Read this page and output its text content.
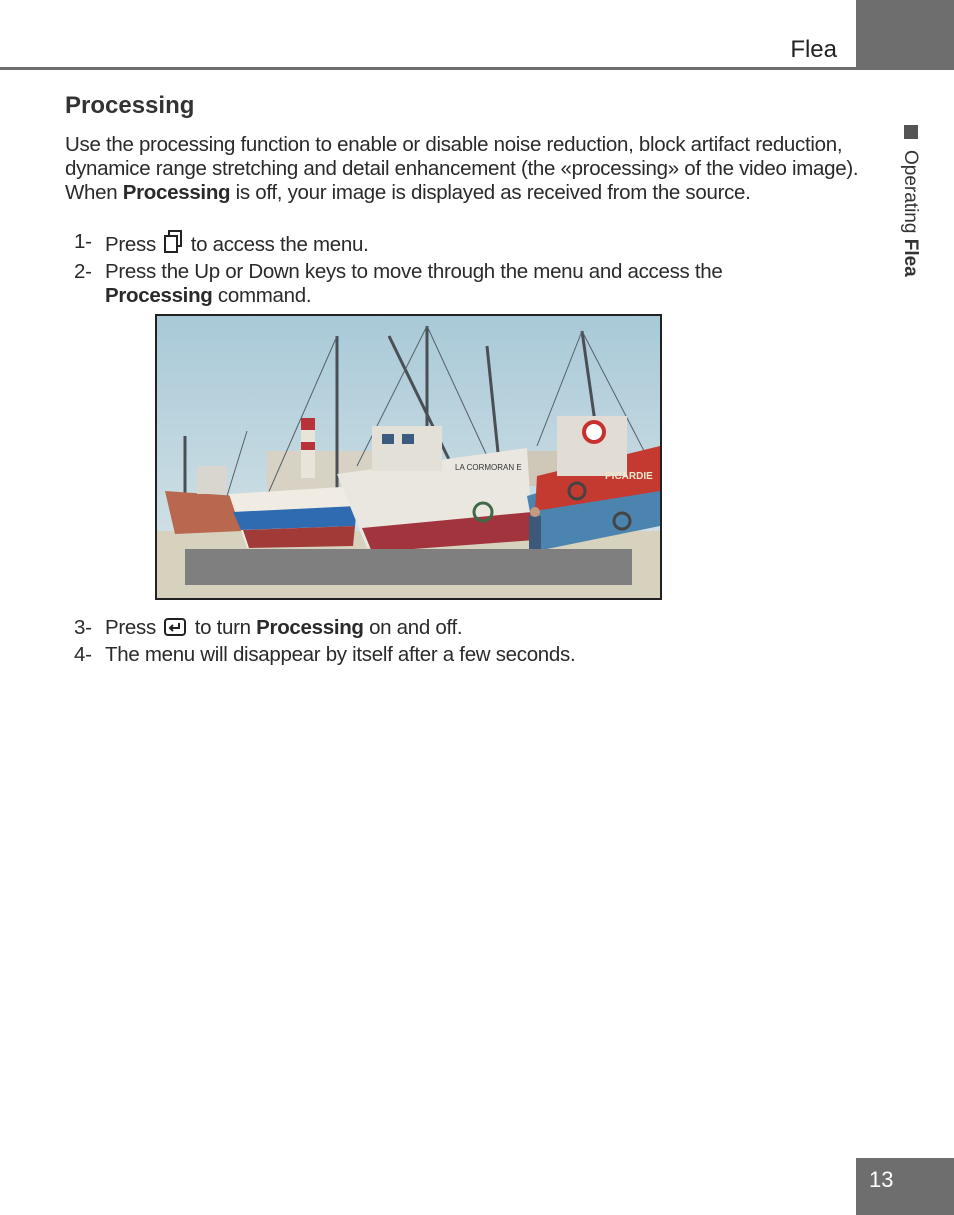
Flea
Operating Flea
Processing

Use the processing function to enable or disable noise reduction, block artifact reduction, dynamice range stretching and detail enhancement (the «processing» of the video image). When Processing is off, your image is displayed as received from the source.

1- Press to access the menu.
2- Press the Up or Down keys to move through the menu and access the
Processing command.
LA CORMORAN E
PICARDIE
3- Press to turn Processing on and off.
4- The menu will disappear by itself after a few seconds.
13
